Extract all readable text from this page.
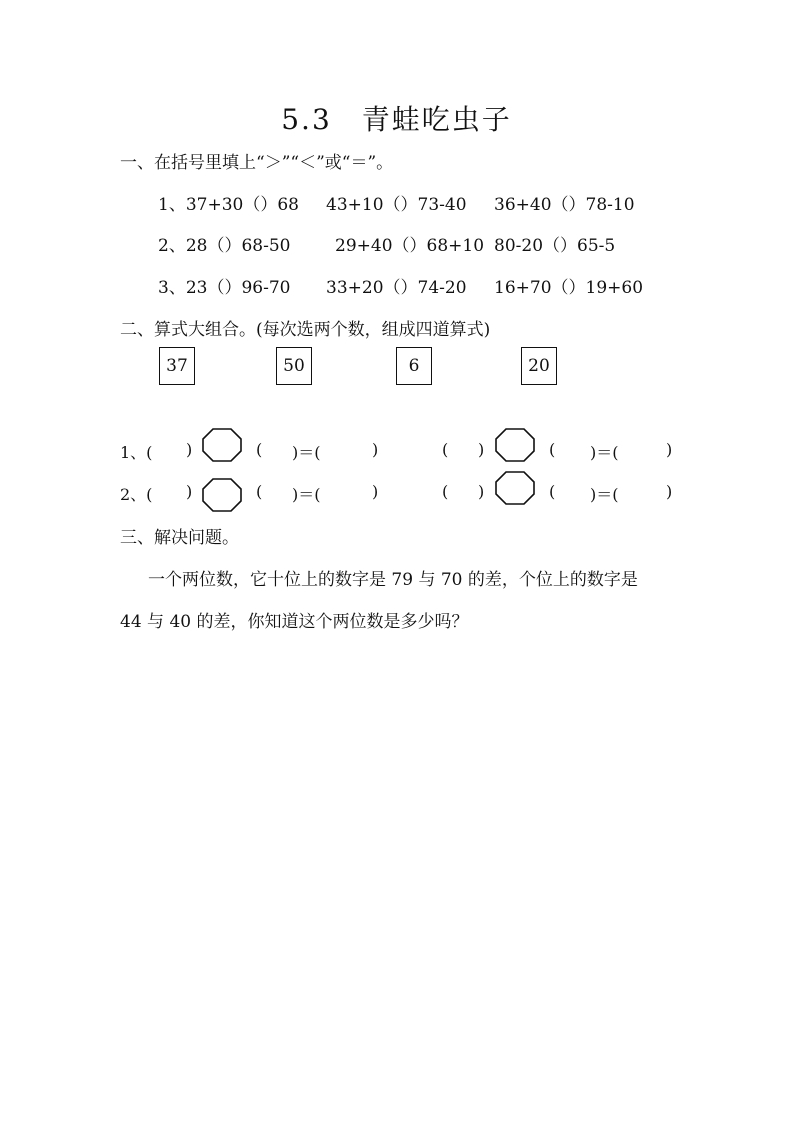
5.3　青蛙吃虫子
一、在括号里填上“＞”“＜”或“＝”。
1、37+30（）68 43+10（）73-40 36+40（）78-10
2、28（）68-50	29+40（）68+10 80-20（）65-5
3、23（）96-70 33+20（）74-20 16+70（）19+60
二、算式大组合。(每次选两个数，组成四道算式)
37	50	6	20
1、( )	( )＝(	)	( )	( )＝(	)
2、( )	( )＝(	)	( )	( )＝(	)
三、解决问题。
一个两位数，它十位上的数字是 79 与 70 的差，个位上的数字是
44 与 40 的差，你知道这个两位数是多少吗？
